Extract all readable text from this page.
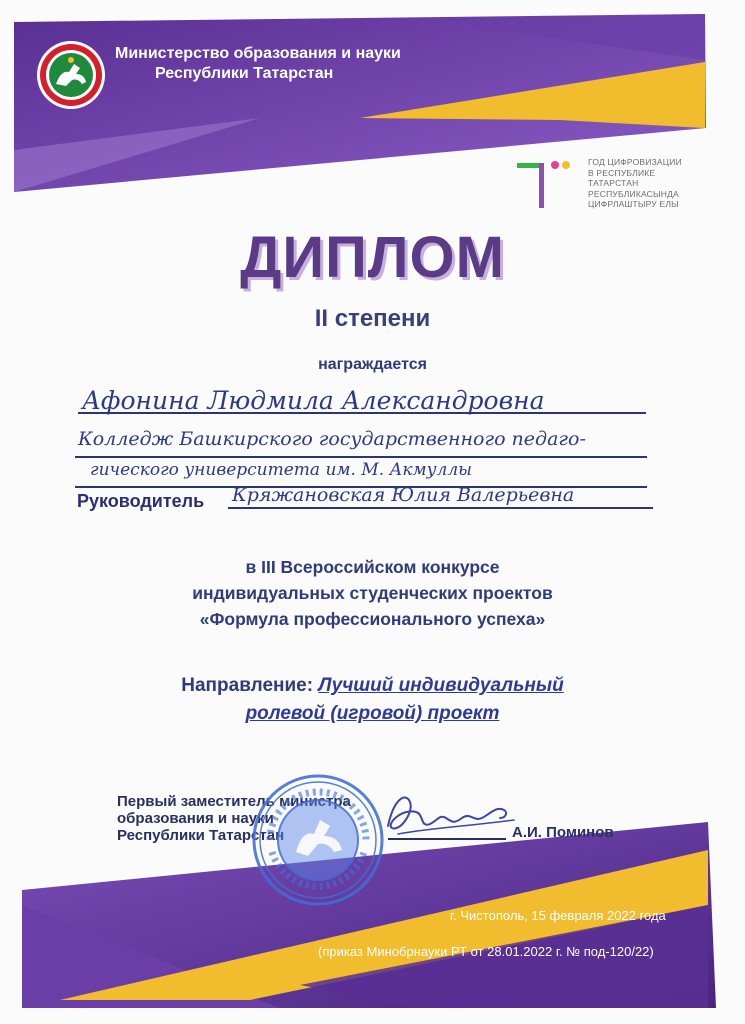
Министерство образования и науки
Республики Татарстан
ГОД ЦИФРОВИЗАЦИИ
В РЕСПУБЛИКЕ
ТАТАРСТАН
РЕСПУБЛИКАСЫНДА
ЦИФРЛАШТЫРУ ЕЛЫ
ДИПЛОМ
II степени
награждается
Афонина Людмила Александровна
Колледж Башкирского государственного педаго-
гического университета им. М. Акмуллы
Руководитель Кряжановская Юлия Валерьевна
в III Всероссийском конкурсе
индивидуальных студенческих проектов
«Формула профессионального успеха»
Направление: Лучший индивидуальный
ролевой (игровой) проект
Первый заместитель министра
образования и науки
Республики Татарстан	А.И. Поминов
г. Чистополь, 15 февраля 2022 года
(приказ Минобрнауки РТ от 28.01.2022 г. № под-120/22)
